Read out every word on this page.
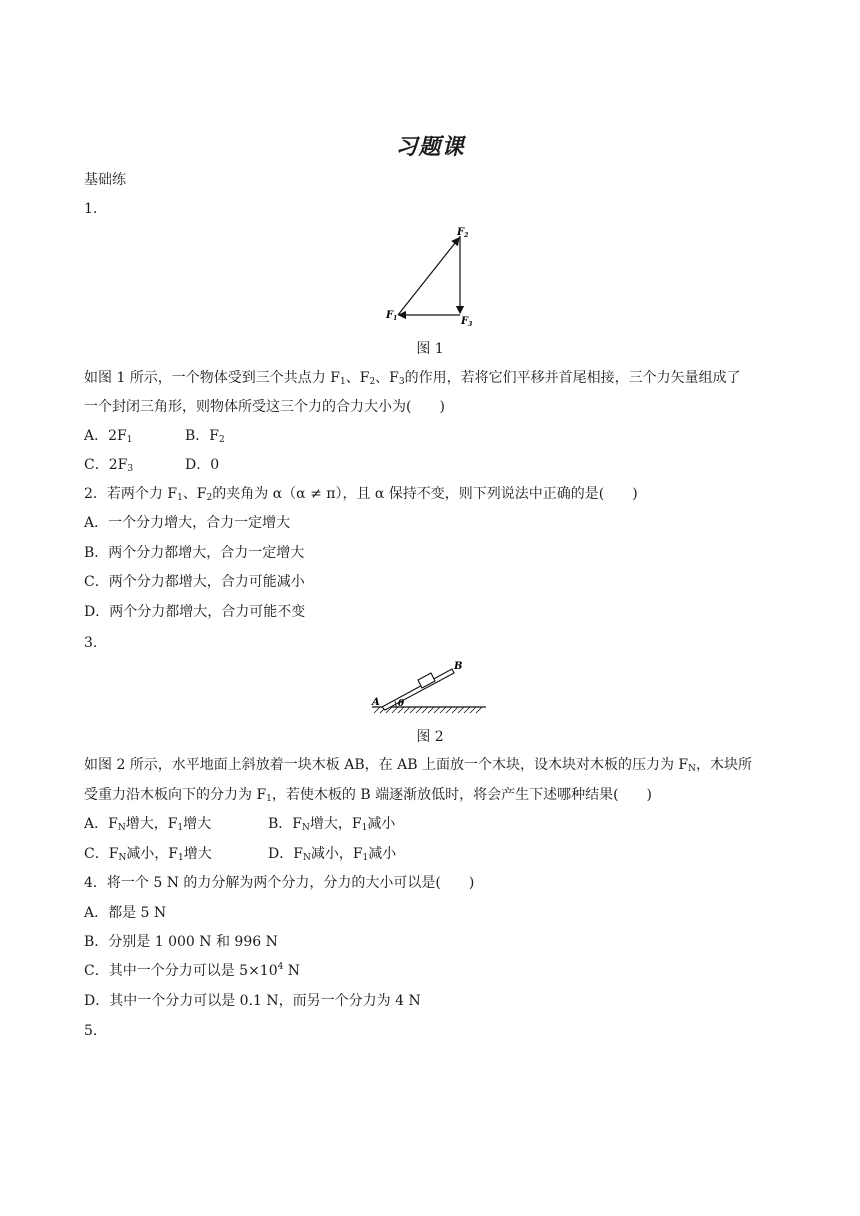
习题课
基础练
1.
$F_2$
$F_1$	$F_3$
图 1
如图 1 所示，一个物体受到三个共点力 $F_1$、$F_2$、$F_3$的作用，若将它们平移并首尾相接，三个力矢量组成了
一个封闭三角形，则物体所受这三个力的合力大小为(　　)
A．$2F_1$	B．$F_2$
C．$2F_3$	D．0
2．若两个力 $F_1$、$F_2$的夹角为 α（α ≠ π），且 α 保持不变，则下列说法中正确的是(　　)
A．一个分力增大，合力一定增大
B．两个分力都增大，合力一定增大
C．两个分力都增大，合力可能减小
D．两个分力都增大，合力可能不变
3.
A
B
θ
图 2
如图 2 所示，水平地面上斜放着一块木板 AB，在 AB 上面放一个木块，设木块对木板的压力为 $F_N$，木块所
受重力沿木板向下的分力为 $F_1$，若使木板的 B 端逐渐放低时，将会产生下述哪种结果(　　)
A．$F_N$增大，$F_1$增大	B．$F_N$增大，$F_1$减小
C．$F_N$减小，$F_1$增大	D．$F_N$减小，$F_1$减小
4．将一个 5 N 的力分解为两个分力，分力的大小可以是(　　)
A．都是 5 N
B．分别是 1 000 N 和 996 N
C．其中一个分力可以是 $5\times 10^4$ N
D．其中一个分力可以是 0.1 N，而另一个分力为 4 N
5.
